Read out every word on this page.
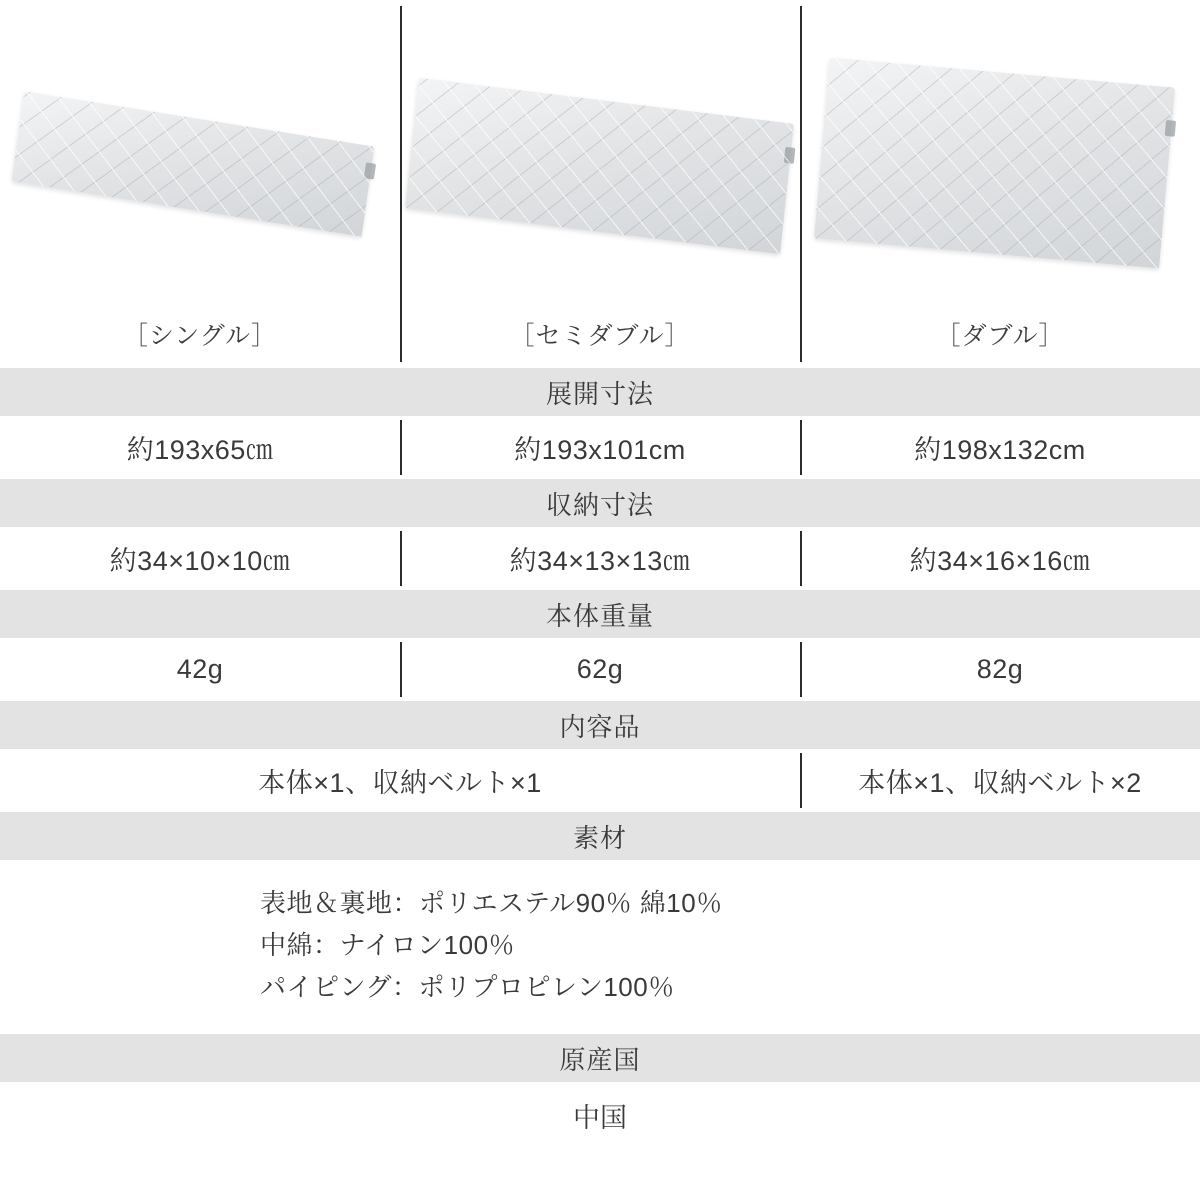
［シングル］	［セミダブル］	［ダブル］
展開寸法
約193x65㎝	約193x101cm	約198x132cm
収納寸法
約34×10×10㎝	約34×13×13㎝	約34×16×16㎝
本体重量
42g	62g	82g
内容品
本体×1、収納ベルト×1	本体×1、収納ベルト×2
素材
表地＆裏地：ポリエステル90％ 綿10％
中綿：ナイロン100％
パイピング：ポリプロピレン100％
原産国
中国
